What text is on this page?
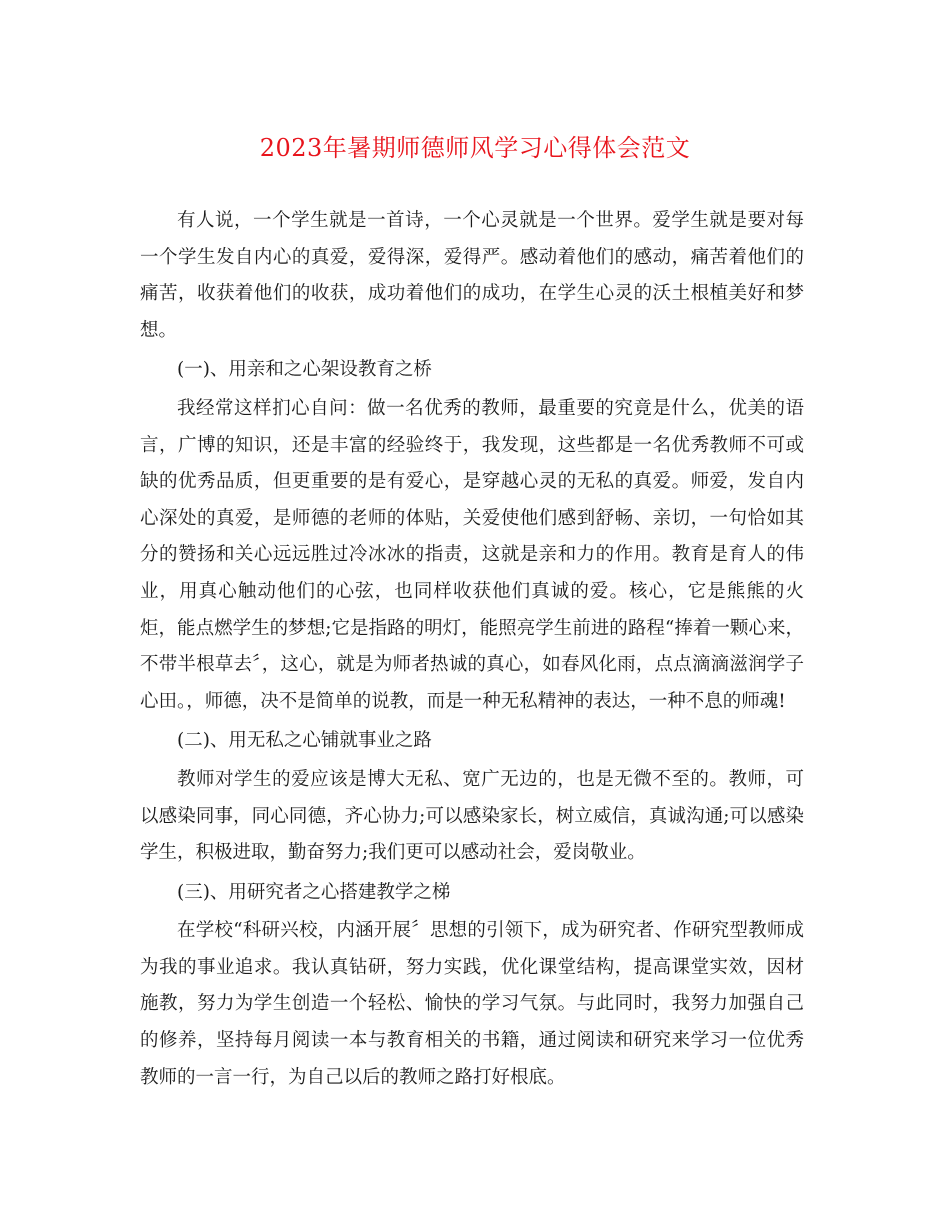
2023年暑期师德师风学习心得体会范文

有人说，一个学生就是一首诗，一个心灵就是一个世界。爱学生就是要对每一个学生发自内心的真爱，爱得深，爱得严。感动着他们的感动，痛苦着他们的痛苦，收获着他们的收获，成功着他们的成功，在学生心灵的沃土根植美好和梦想。

(一)、用亲和之心架设教育之桥

我经常这样扪心自问：做一名优秀的教师，最重要的究竟是什么，优美的语言，广博的知识，还是丰富的经验终于，我发现，这些都是一名优秀教师不可或缺的优秀品质，但更重要的是有爱心，是穿越心灵的无私的真爱。师爱，发自内心深处的真爱，是师德的老师的体贴，关爱使他们感到舒畅、亲切，一句恰如其分的赞扬和关心远远胜过冷冰冰的指责，这就是亲和力的作用。教育是育人的伟业，用真心触动他们的心弦，也同样收获他们真诚的爱。核心，它是熊熊的火炬，能点燃学生的梦想;它是指路的明灯，能照亮学生前进的路程“捧着一颗心来，不带半根草去〞，这心，就是为师者热诚的真心，如春风化雨，点点滴滴滋润学子心田。，师德，决不是简单的说教，而是一种无私精神的表达，一种不息的师魂!

(二)、用无私之心铺就事业之路

教师对学生的爱应该是博大无私、宽广无边的，也是无微不至的。教师，可以感染同事，同心同德，齐心协力;可以感染家长，树立威信，真诚沟通;可以感染学生，积极进取，勤奋努力;我们更可以感动社会，爱岗敬业。

(三)、用研究者之心搭建教学之梯

在学校“科研兴校，内涵开展〞思想的引领下，成为研究者、作研究型教师成为我的事业追求。我认真钻研，努力实践，优化课堂结构，提高课堂实效，因材施教，努力为学生创造一个轻松、愉快的学习气氛。与此同时，我努力加强自己的修养，坚持每月阅读一本与教育相关的书籍，通过阅读和研究来学习一位优秀教师的一言一行，为自己以后的教师之路打好根底。
